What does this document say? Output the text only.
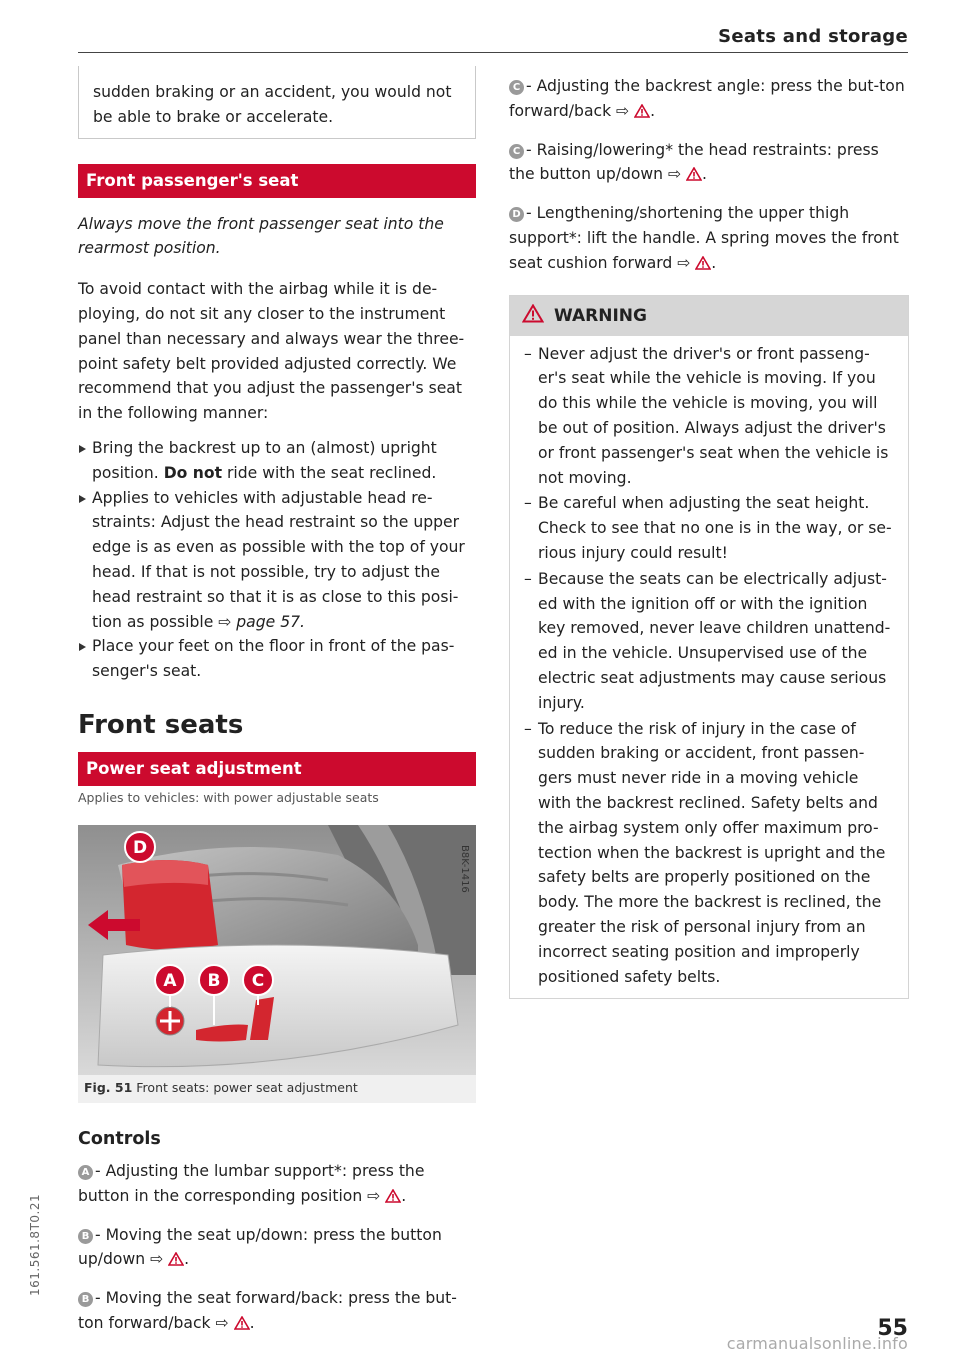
Seats and storage

sudden braking or an accident, you would not be able to brake or accelerate.

Front passenger's seat

Always move the front passenger seat into the rearmost position.

To avoid contact with the airbag while it is de-ploying, do not sit any closer to the instrument panel than necessary and always wear the three-point safety belt provided adjusted correctly. We recommend that you adjust the passenger's seat in the following manner:

Bring the backrest up to an (almost) upright position. Do not ride with the seat reclined.
Applies to vehicles with adjustable head re-straints: Adjust the head restraint so the upper edge is as even as possible with the top of your head. If that is not possible, try to adjust the head restraint so that it is as close to this posi-tion as possible ⇨ page 57.
Place your feet on the floor in front of the pas-senger's seat.
Front seats
Power seat adjustment
Applies to vehicles: with power adjustable seats
A B C
D	B8K-1416
Fig. 51 Front seats: power seat adjustment
Controls

A - Adjusting the lumbar support*: press the button in the corresponding position ⇨ .

B - Moving the seat up/down: press the button up/down ⇨ .

B - Moving the seat forward/back: press the but-ton forward/back ⇨ .

C - Adjusting the backrest angle: press the but-ton forward/back ⇨ .

C - Raising/lowering* the head restraints: press the button up/down ⇨ .

D - Lengthening/shortening the upper thigh support*: lift the handle. A spring moves the front seat cushion forward ⇨ .

WARNING
– Never adjust the driver's or front passeng-er's seat while the vehicle is moving. If you do this while the vehicle is moving, you will be out of position. Always adjust the driver's or front passenger's seat when the vehicle is not moving.
– Be careful when adjusting the seat height. Check to see that no one is in the way, or se-rious injury could result!
– Because the seats can be electrically adjust-ed with the ignition off or with the ignition key removed, never leave children unattend-ed in the vehicle. Unsupervised use of the electric seat adjustments may cause serious injury.
– To reduce the risk of injury in the case of sudden braking or accident, front passen-gers must never ride in a moving vehicle with the backrest reclined. Safety belts and the airbag system only offer maximum pro-tection when the backrest is upright and the safety belts are properly positioned on the body. The more the backrest is reclined, the greater the risk of personal injury from an incorrect seating position and improperly positioned safety belts.
161.561.8T0.21
55
carmanualsonline.info
